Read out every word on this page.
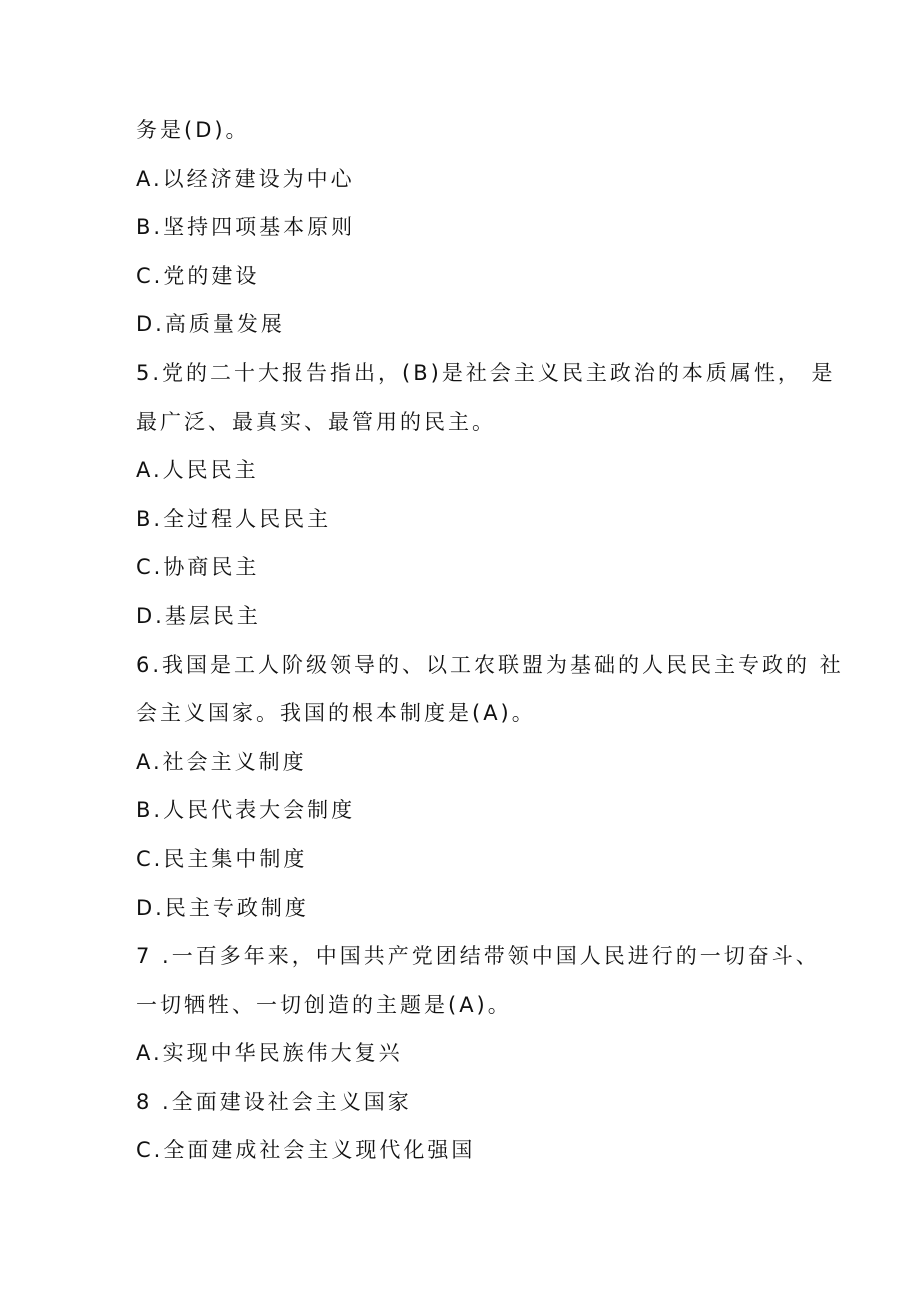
务是(D)。
A.以经济建设为中心
B.坚持四项基本原则
C.党的建设
D.高质量发展
5.党的二十大报告指出，(B)是社会主义民主政治的本质属性， 是
最广泛、最真实、最管用的民主。
A.人民民主
B.全过程人民民主
C.协商民主
D.基层民主
6.我国是工人阶级领导的、以工农联盟为基础的人民民主专政的 社
会主义国家。我国的根本制度是(A)。
A.社会主义制度
B.人民代表大会制度
C.民主集中制度
D.民主专政制度
7 .一百多年来，中国共产党团结带领中国人民进行的一切奋斗、
一切牺牲、一切创造的主题是(A)。
A.实现中华民族伟大复兴
8 .全面建设社会主义国家
C.全面建成社会主义现代化强国
